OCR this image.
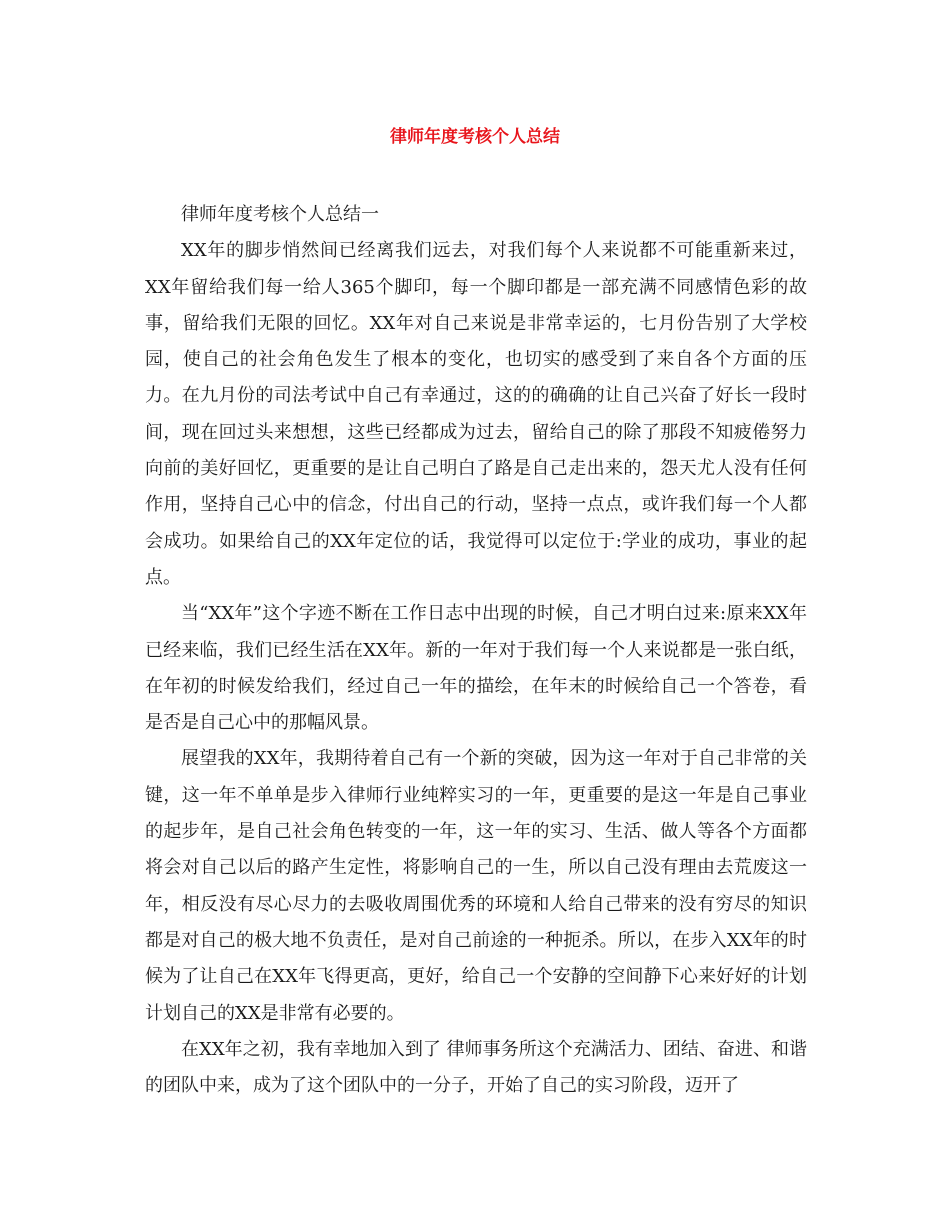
律师年度考核个人总结

律师年度考核个人总结一

XX年的脚步悄然间已经离我们远去，对我们每个人来说都不可能重新来过，XX年留给我们每一给人365个脚印，每一个脚印都是一部充满不同感情色彩的故事，留给我们无限的回忆。XX年对自己来说是非常幸运的，七月份告别了大学校园，使自己的社会角色发生了根本的变化，也切实的感受到了来自各个方面的压力。在九月份的司法考试中自己有幸通过，这的的确确的让自己兴奋了好长一段时间，现在回过头来想想，这些已经都成为过去，留给自己的除了那段不知疲倦努力向前的美好回忆，更重要的是让自己明白了路是自己走出来的，怨天尤人没有任何作用，坚持自己心中的信念，付出自己的行动，坚持一点点，或许我们每一个人都会成功。如果给自己的XX年定位的话，我觉得可以定位于:学业的成功，事业的起点。

当“XX年”这个字迹不断在工作日志中出现的时候，自己才明白过来:原来XX年已经来临，我们已经生活在XX年。新的一年对于我们每一个人来说都是一张白纸，在年初的时候发给我们，经过自己一年的描绘，在年末的时候给自己一个答卷，看是否是自己心中的那幅风景。

展望我的XX年，我期待着自己有一个新的突破，因为这一年对于自己非常的关键，这一年不单单是步入律师行业纯粹实习的一年，更重要的是这一年是自己事业的起步年，是自己社会角色转变的一年，这一年的实习、生活、做人等各个方面都将会对自己以后的路产生定性，将影响自己的一生，所以自己没有理由去荒废这一年，相反没有尽心尽力的去吸收周围优秀的环境和人给自己带来的没有穷尽的知识都是对自己的极大地不负责任，是对自己前途的一种扼杀。所以，在步入XX年的时候为了让自己在XX年飞得更高，更好，给自己一个安静的空间静下心来好好的计划计划自己的XX是非常有必要的。

在XX年之初，我有幸地加入到了 律师事务所这个充满活力、团结、奋进、和谐的团队中来，成为了这个团队中的一分子，开始了自己的实习阶段，迈开了
